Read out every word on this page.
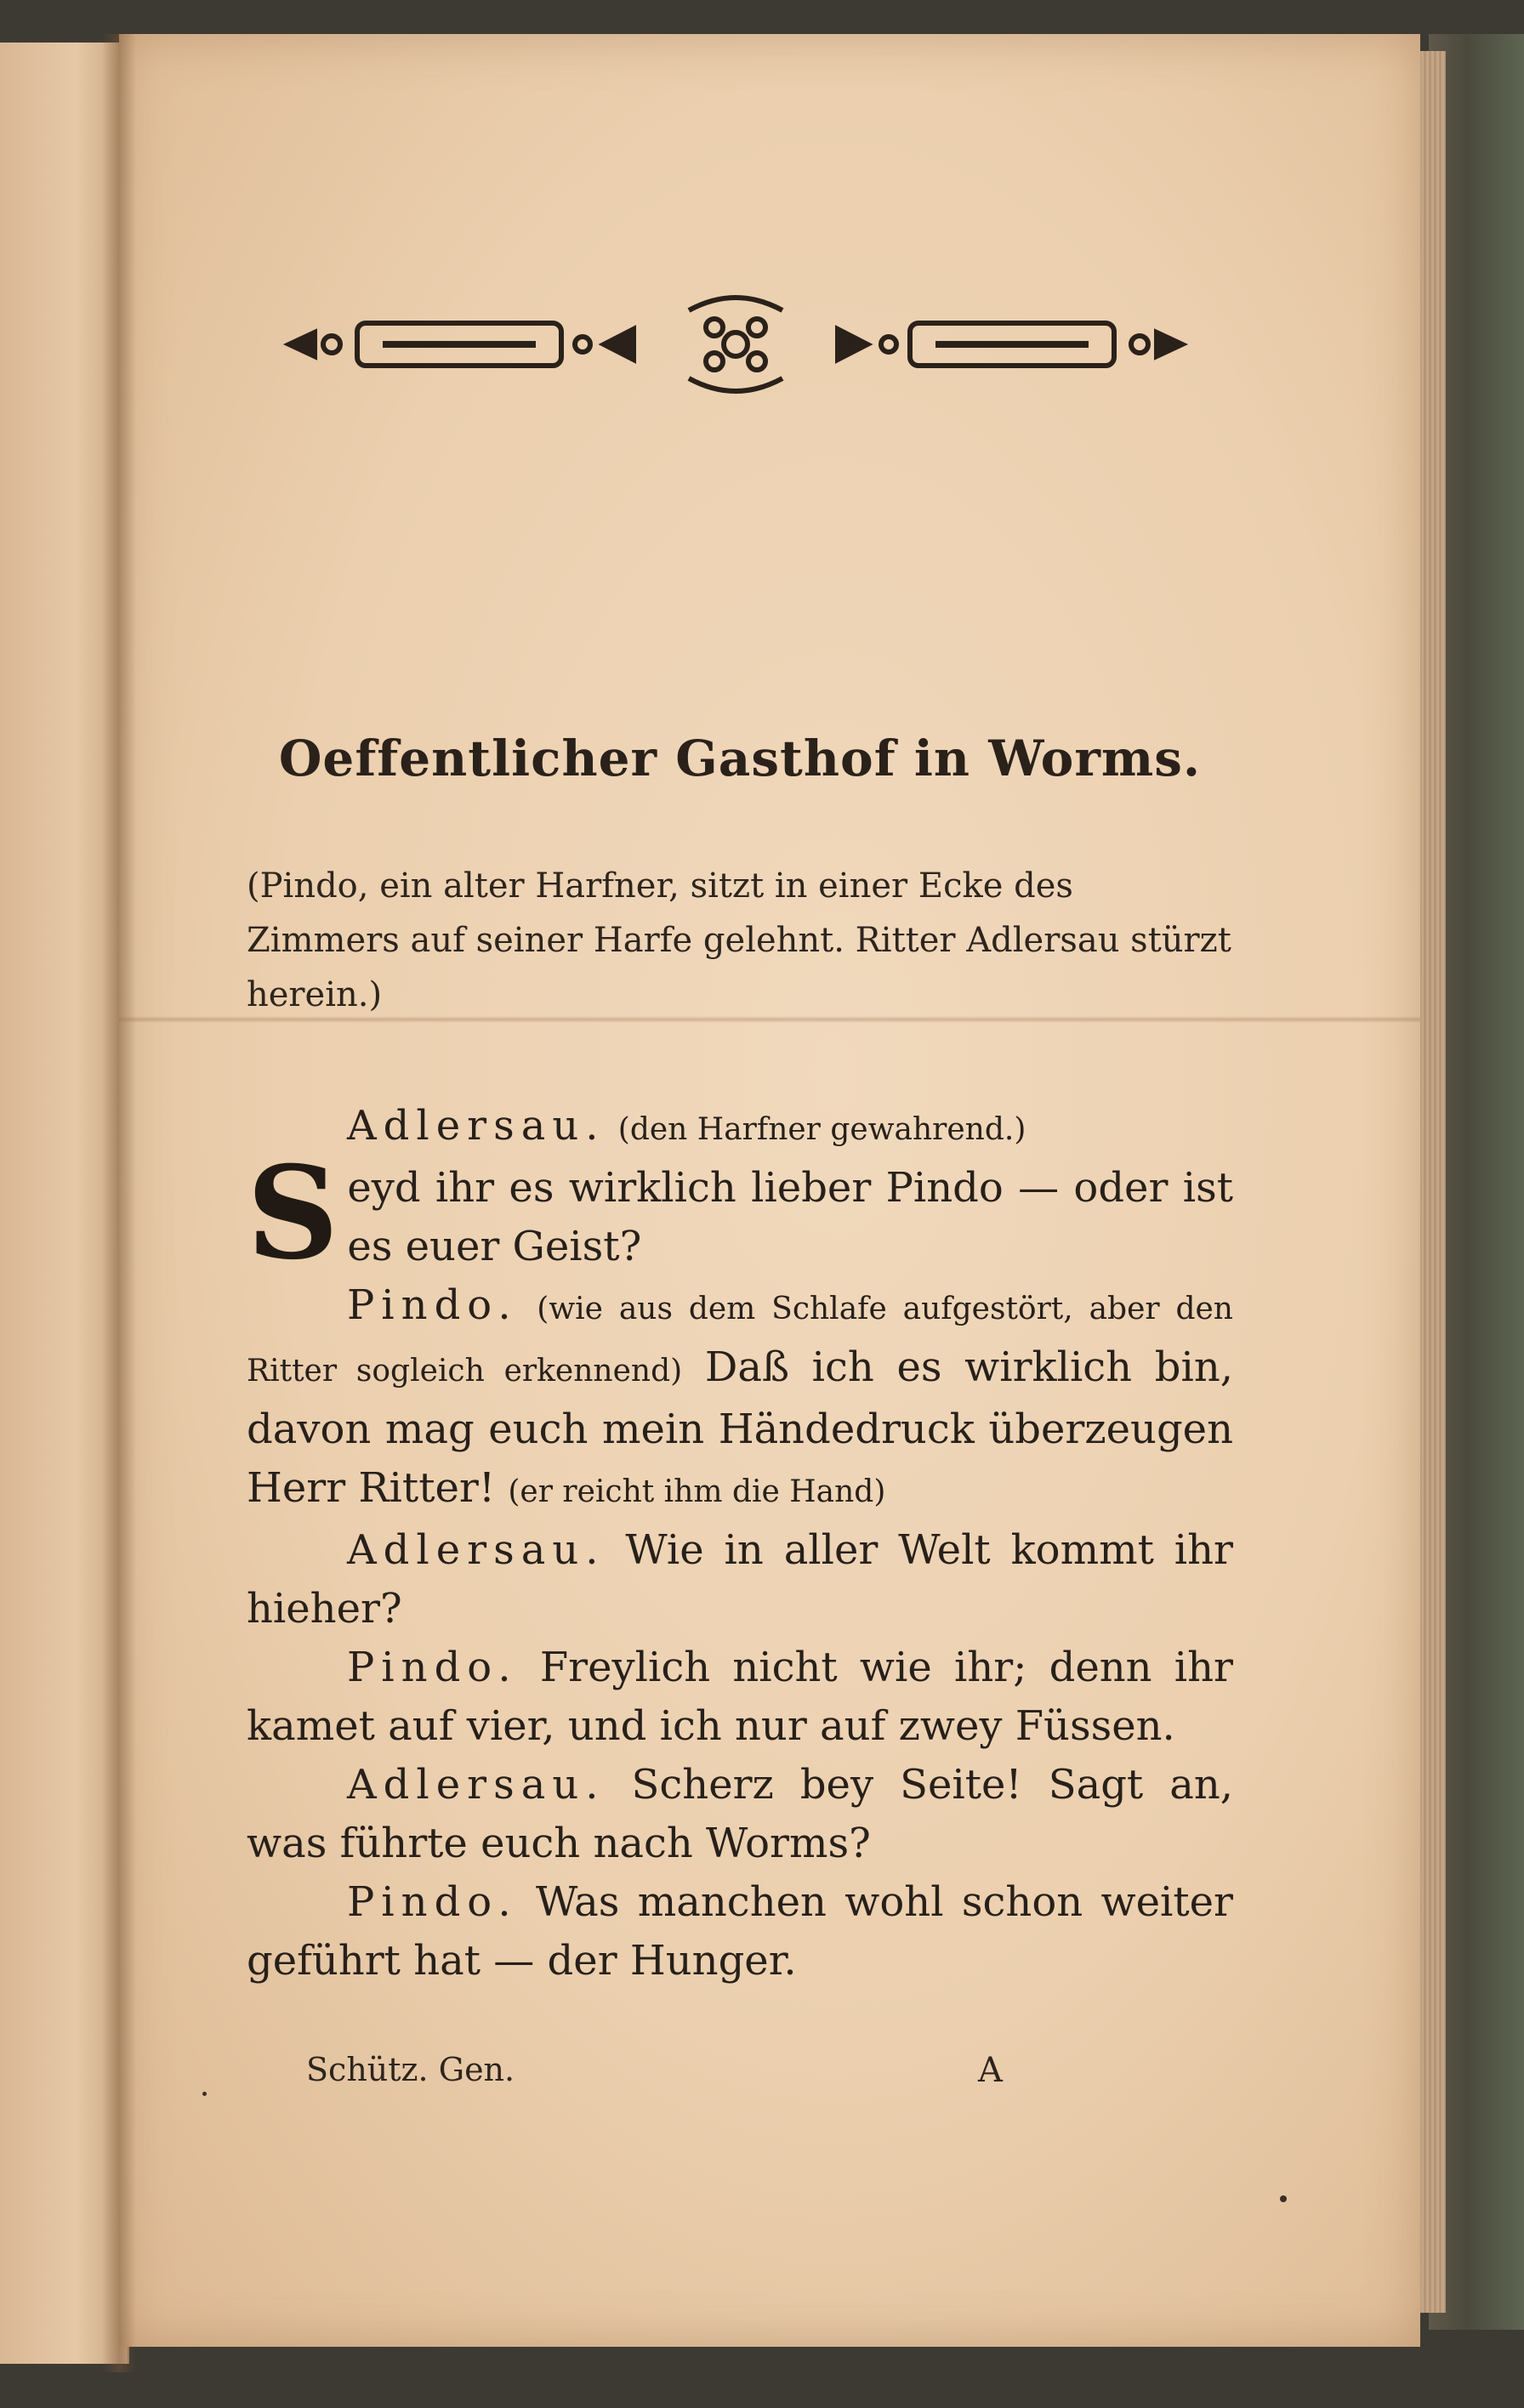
Oeffentlicher Gasthof in Worms.
(Pindo, ein alter Harfner, sitzt in einer Ecke des Zimmers auf seiner Harfe gelehnt. Ritter Adlersau stürzt herein.)

Adlersau. (den Harfner gewahrend.)

Seyd ihr es wirklich lieber Pindo — oder ist es euer Geist?

Pindo. (wie aus dem Schlafe aufgestört, aber den Ritter sogleich erkennend) Daß ich es wirklich bin, davon mag euch mein Händedruck überzeugen Herr Ritter! (er reicht ihm die Hand)

Adlersau. Wie in aller Welt kommt ihr hieher?

Pindo. Freylich nicht wie ihr; denn ihr kamet auf vier, und ich nur auf zwey Füssen.

Adlersau. Scherz bey Seite! Sagt an, was führte euch nach Worms?

Pindo. Was manchen wohl schon weiter geführt hat — der Hunger.

Schütz. Gen.	A
